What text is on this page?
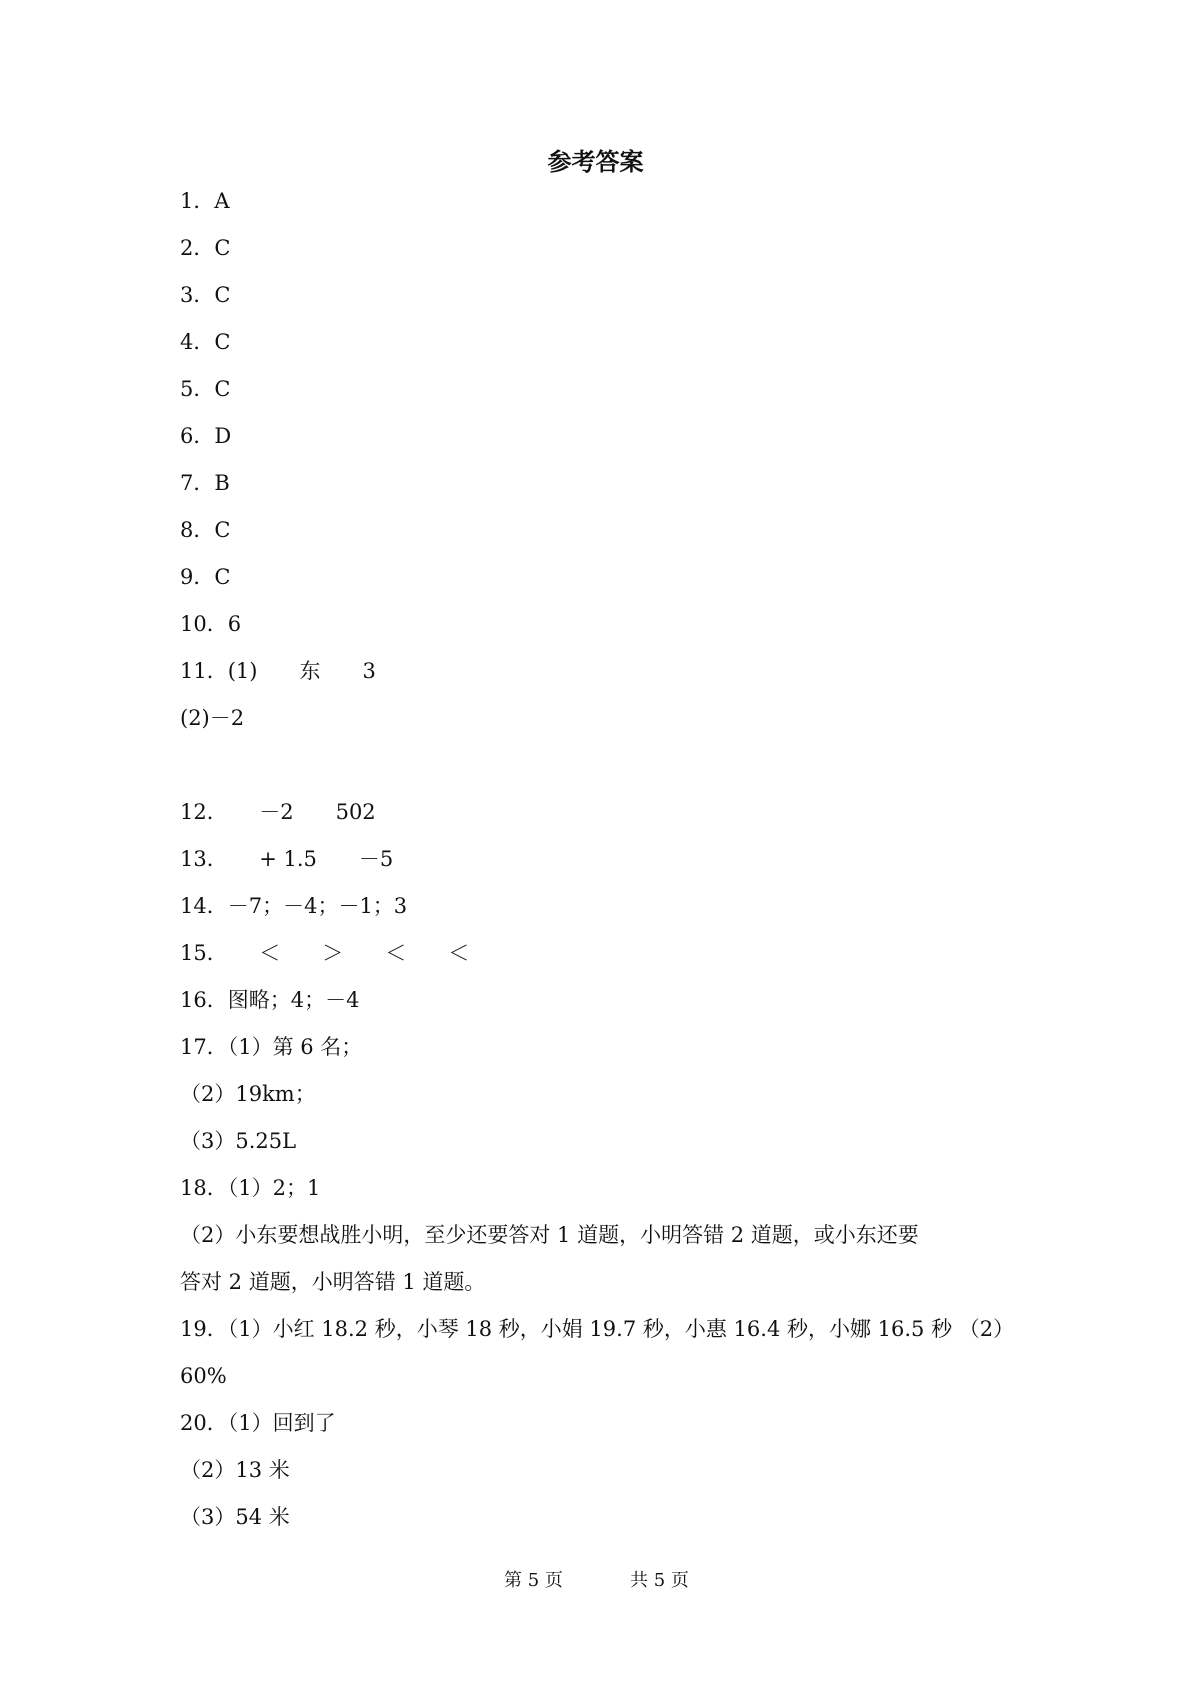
参考答案
1．A
2．C
3．C
4．C
5．C
6．D
7．B
8．C
9．C
10．6
11．(1)　　东　　3
(2)－2
12．　　－2　　502
13．　　+ 1.5　　－5
14．－7；－4；－1；3
15．　　＜　　＞　　＜　　＜
16．图略；4；－4
17．（1）第 6 名；
（2）19km；
（3）5.25L
18．（1）2；1
（2）小东要想战胜小明，至少还要答对 1 道题，小明答错 2 道题，或小东还要
答对 2 道题，小明答错 1 道题。
19．（1）小红 18.2 秒，小琴 18 秒，小娟 19.7 秒，小惠 16.4 秒，小娜 16.5 秒 （2）
60%
20．（1）回到了
（2）13 米
（3）54 米
第 5 页	共 5 页
